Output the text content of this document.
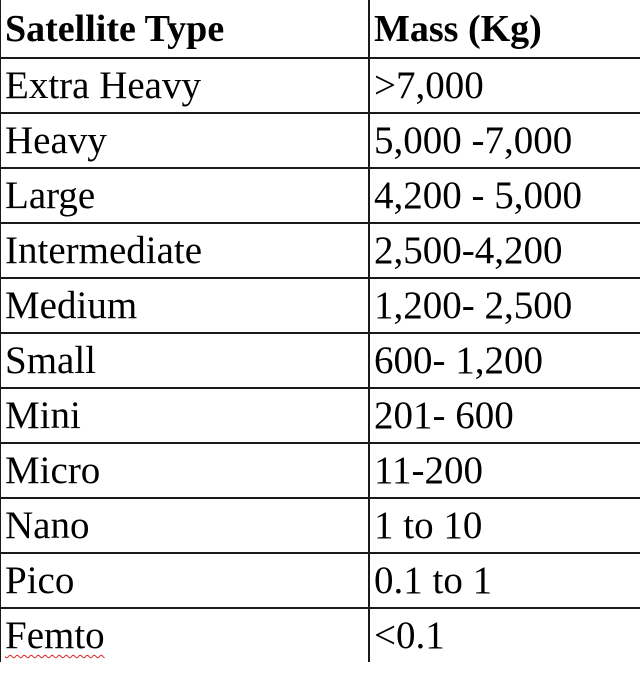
Satellite Type	Mass (Kg)
Extra Heavy	>7,000
Heavy	5,000 -7,000
Large	4,200 - 5,000
Intermediate	2,500-4,200
Medium	1,200- 2,500
Small	600- 1,200
Mini	201- 600
Micro	11-200
Nano	1 to 10
Pico	0.1 to 1
Femto	<0.1
